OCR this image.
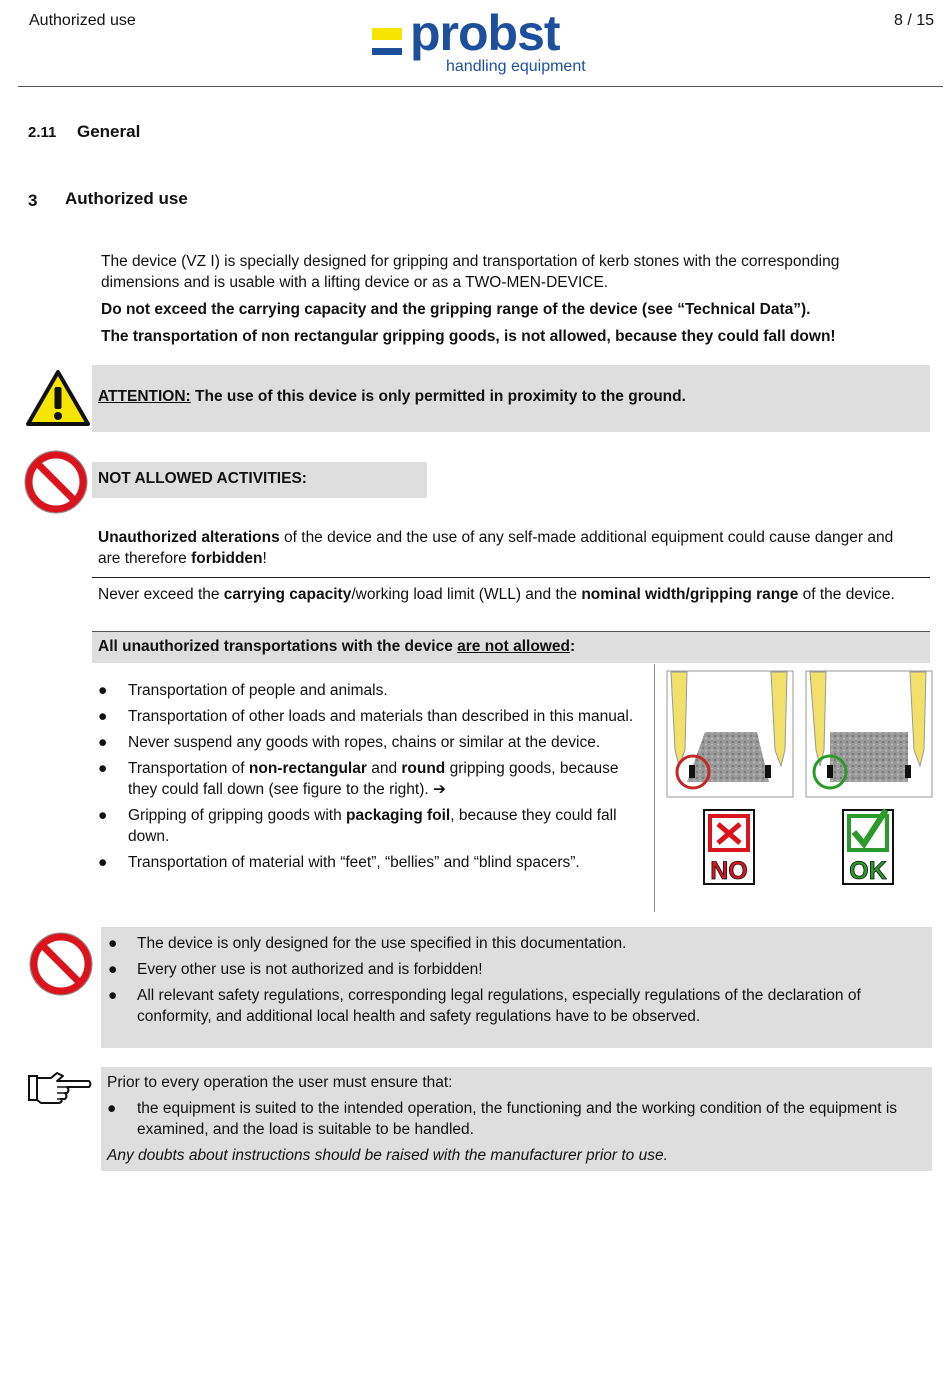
Authorized use	8 / 15
probst
handling equipment
2.11 General
3 Authorized use

The device (VZ I) is specially designed for gripping and transportation of kerb stones with the corresponding dimensions and is usable with a lifting device or as a TWO-MEN-DEVICE.

Do not exceed the carrying capacity and the gripping range of the device (see “Technical Data”).

The transportation of non rectangular gripping goods, is not allowed, because they could fall down!

ATTENTION: The use of this device is only permitted in proximity to the ground.
NOT ALLOWED ACTIVITIES:
Unauthorized alterations of the device and the use of any self-made additional equipment could cause danger and are therefore forbidden!
Never exceed the carrying capacity/working load limit (WLL) and the nominal width/gripping range of the device.
All unauthorized transportations with the device are not allowed:
● Transportation of people and animals.
● Transportation of other loads and materials than described in this manual.
● Never suspend any goods with ropes, chains or similar at the device.
● Transportation of non-rectangular and round gripping goods, because they could fall down (see figure to the right). ➔
● Gripping of gripping goods with packaging foil, because they could fall down.
● Transportation of material with “feet”, “bellies” and “blind spacers”.	NO	OK
● The device is only designed for the use specified in this documentation.
● Every other use is not authorized and is forbidden!
● All relevant safety regulations, corresponding legal regulations, especially regulations of the declaration of conformity, and additional local health and safety regulations have to be observed.

Prior to every operation the user must ensure that:

● the equipment is suited to the intended operation, the functioning and the working condition of the equipment is examined, and the load is suitable to be handled.

Any doubts about instructions should be raised with the manufacturer prior to use.
